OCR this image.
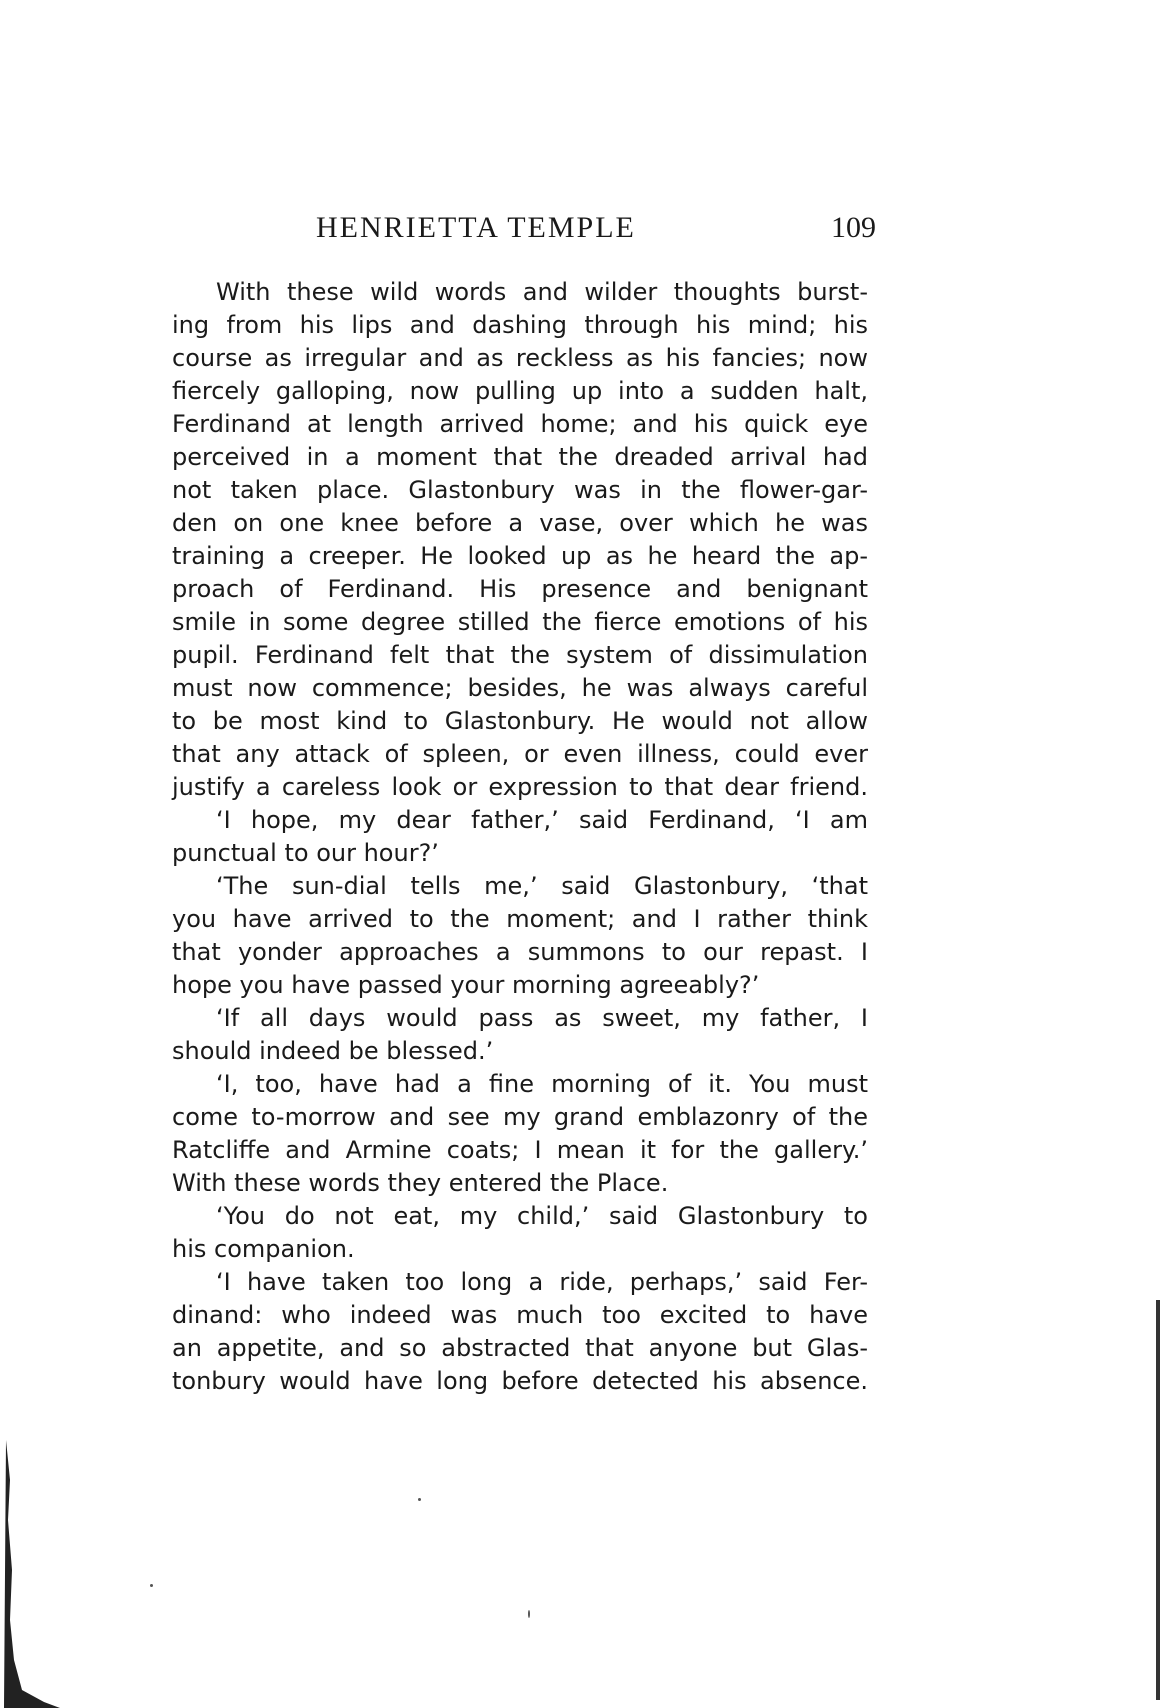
HENRIETTA TEMPLE	109
With these wild words and wilder thoughts burst-
ing from his lips and dashing through his mind; his
course as irregular and as reckless as his fancies; now
fiercely galloping, now pulling up into a sudden halt,
Ferdinand at length arrived home; and his quick eye
perceived in a moment that the dreaded arrival had
not taken place. Glastonbury was in the flower-gar-
den on one knee before a vase, over which he was
training a creeper. He looked up as he heard the ap-
proach of Ferdinand. His presence and benignant
smile in some degree stilled the fierce emotions of his
pupil. Ferdinand felt that the system of dissimulation
must now commence; besides, he was always careful
to be most kind to Glastonbury. He would not allow
that any attack of spleen, or even illness, could ever
justify a careless look or expression to that dear friend.
‘I hope, my dear father,’ said Ferdinand, ‘I am
punctual to our hour?’
‘The sun-dial tells me,’ said Glastonbury, ‘that
you have arrived to the moment; and I rather think
that yonder approaches a summons to our repast. I
hope you have passed your morning agreeably?’
‘If all days would pass as sweet, my father, I
should indeed be blessed.’
‘I, too, have had a fine morning of it. You must
come to-morrow and see my grand emblazonry of the
Ratcliffe and Armine coats; I mean it for the gallery.’
With these words they entered the Place.
‘You do not eat, my child,’ said Glastonbury to
his companion.
‘I have taken too long a ride, perhaps,’ said Fer-
dinand: who indeed was much too excited to have
an appetite, and so abstracted that anyone but Glas-
tonbury would have long before detected his absence.
